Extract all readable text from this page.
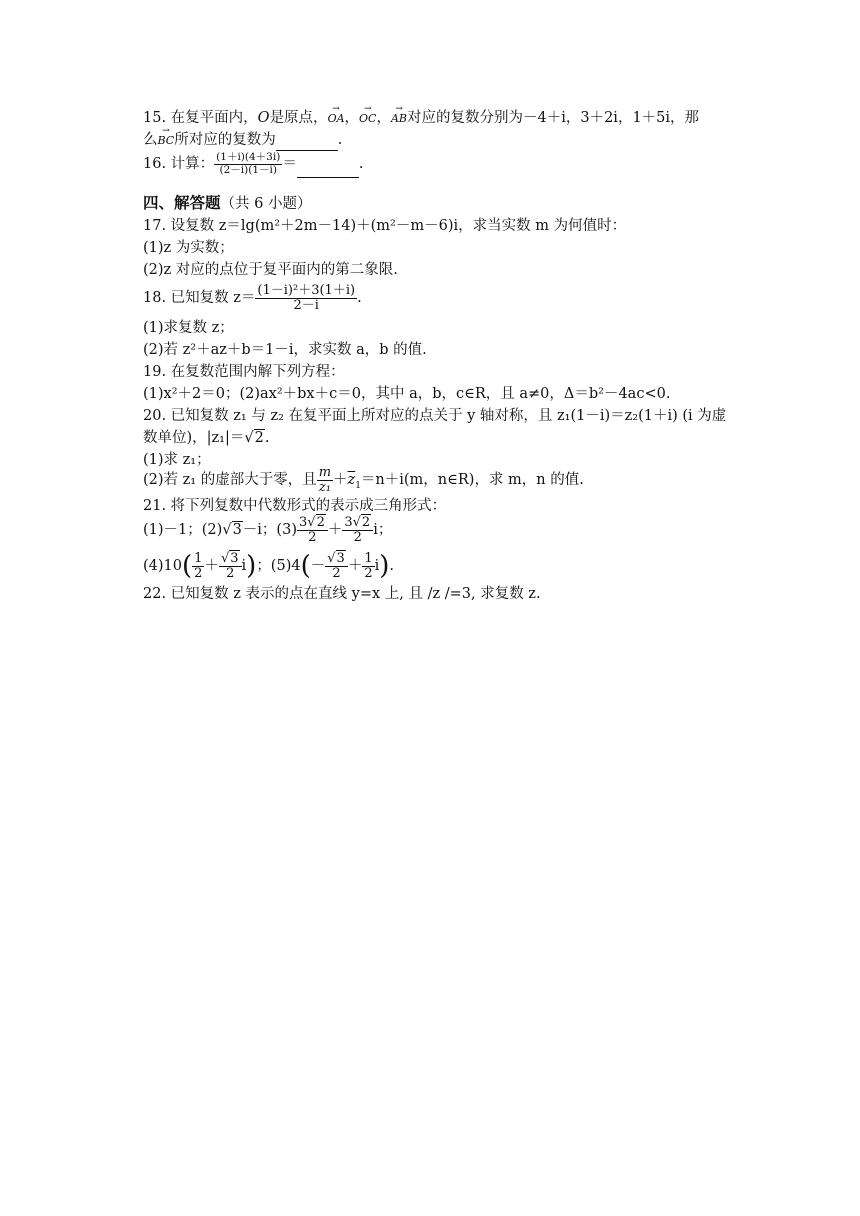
15. 在复平面内，O是原点，→ OA，→ OC，→ AB对应的复数分别为－4＋i，3＋2i，1＋5i，那
么→ BC所对应的复数为	.
16. 计算： $\frac{(1+i)(4+3i)}{(2-i)(1-i)}$ ＝	.
四、解答题（共 6 小题）
17. 设复数 z＝lg(m²＋2m－14)＋(m²－m－6)i，求当实数 m 为何值时：
(1)z 为实数；
(2)z 对应的点位于复平面内的第二象限.
18. 已知复数 $z= \frac{\text{(1－i)²＋3(1＋i)}}{2-i}$ .
(1)求复数 z；
(2)若 z²＋az＋b＝1－i，求实数 a，b 的值.
19. 在复数范围内解下列方程：
(1)x²＋2＝0；(2)ax²＋bx＋c＝0，其中 a，b，c∈R，且 a≠0，Δ＝b²－4ac<0.
20. 已知复数 z₁ 与 z₂ 在复平面上所对应的点关于 y 轴对称，且 z₁(1－i)＝z₂(1＋i) (i 为虚
数单位)，|z₁|＝√2.
(1)求 z₁；
(2)若 z₁ 的虚部大于零，且 $\frac{m}{\text{z₁}} +\overline{z}_1=n+i(m$，n∈R)，求 m，n 的值.
21. 将下列复数中代数形式的表示成三角形式：
(1)－1；(2)√3－i；$(3) \frac{3√2}{2} + \frac{3√2}{2}$ i；
$(4)10( \frac{1}{2} + \frac{√3}{2} i)$；$(5)4(- \frac{√3}{2} + \frac{1}{2} i)$.
22. 已知复数 z 表示的点在直线 y=x 上, 且 /z /=3, 求复数 z.
